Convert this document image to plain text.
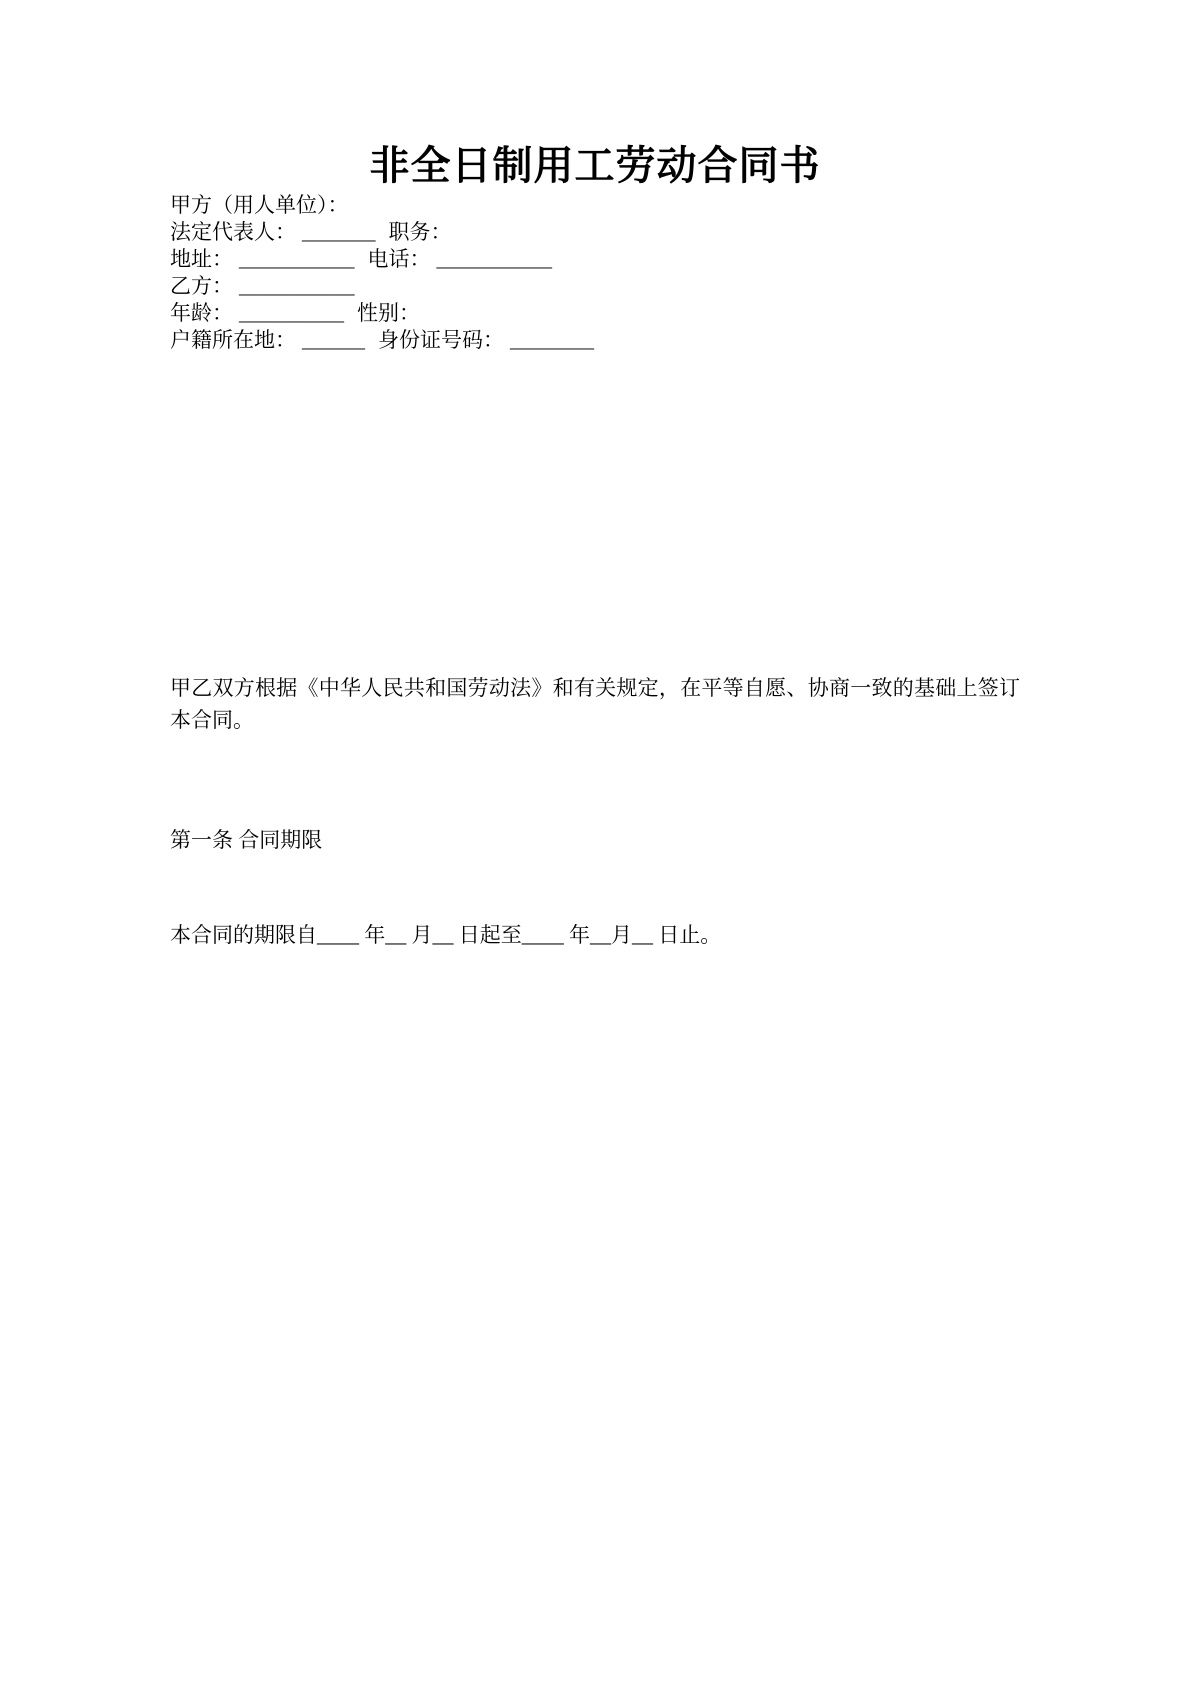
非全日制用工劳动合同书

甲方（用人单位）：

法定代表人： _______ 职务：

地址： ___________ 电话： ___________

乙方： ___________

年龄： __________ 性别：

户籍所在地： ______ 身份证号码： ________

甲乙双方根据《中华人民共和国劳动法》和有关规定，在平等自愿、协商一致的基础上签订本合同。

第一条 合同期限

本合同的期限自____ 年__ 月__ 日起至____ 年__月__ 日止。
